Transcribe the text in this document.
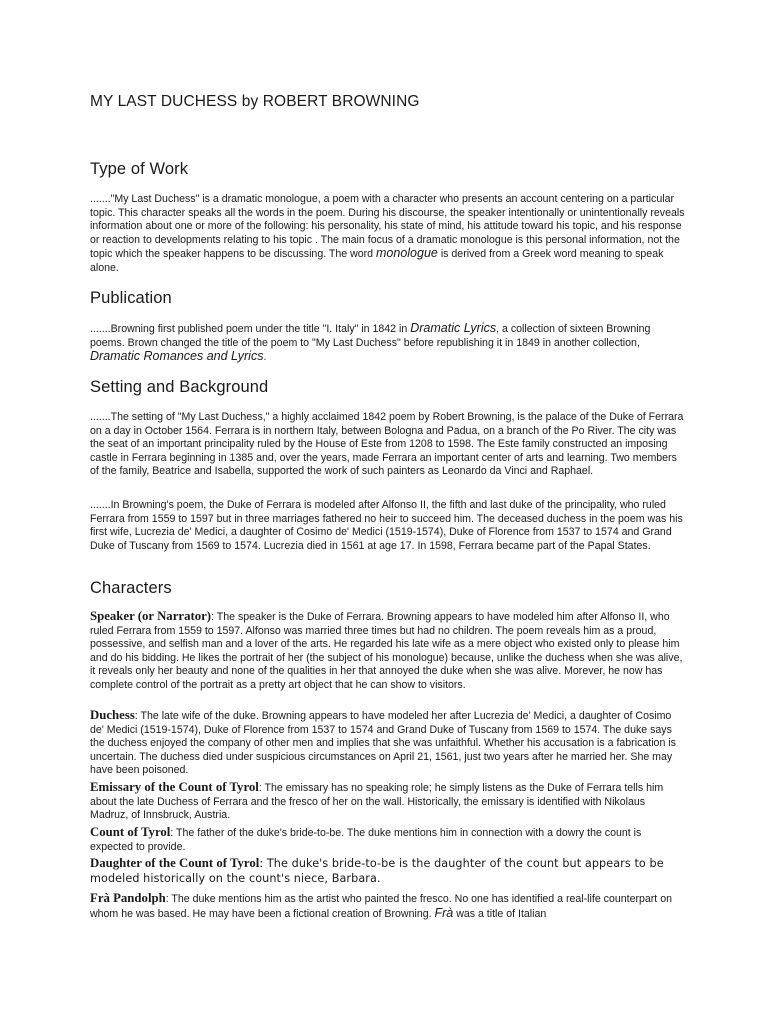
MY LAST DUCHESS by ROBERT BROWNING
Type of Work

......."My Last Duchess" is a dramatic monologue, a poem with a character who presents an account centering on a particular topic. This character speaks all the words in the poem. During his discourse, the speaker intentionally or unintentionally reveals information about one or more of the following: his personality, his state of mind, his attitude toward his topic, and his response or reaction to developments relating to his topic . The main focus of a dramatic monologue is this personal information, not the topic which the speaker happens to be discussing. The word monologue is derived from a Greek word meaning to speak alone.

Publication

.......Browning first published poem under the title "I. Italy" in 1842 in Dramatic Lyrics, a collection of sixteen Browning poems. Brown changed the title of the poem to "My Last Duchess" before republishing it in 1849 in another collection, Dramatic Romances and Lyrics.

Setting and Background

.......The setting of "My Last Duchess," a highly acclaimed 1842 poem by Robert Browning, is the palace of the Duke of Ferrara on a day in October 1564. Ferrara is in northern Italy, between Bologna and Padua, on a branch of the Po River. The city was the seat of an important principality ruled by the House of Este from 1208 to 1598. The Este family constructed an imposing castle in Ferrara beginning in 1385 and, over the years, made Ferrara an important center of arts and learning. Two members of the family, Beatrice and Isabella, supported the work of such painters as Leonardo da Vinci and Raphael.

.......In Browning's poem, the Duke of Ferrara is modeled after Alfonso II, the fifth and last duke of the principality, who ruled Ferrara from 1559 to 1597 but in three marriages fathered no heir to succeed him. The deceased duchess in the poem was his first wife, Lucrezia de' Medici, a daughter of Cosimo de' Medici (1519-1574), Duke of Florence from 1537 to 1574 and Grand Duke of Tuscany from 1569 to 1574. Lucrezia died in 1561 at age 17. In 1598, Ferrara became part of the Papal States.

Characters

Speaker (or Narrator): The speaker is the Duke of Ferrara. Browning appears to have modeled him after Alfonso II, who ruled Ferrara from 1559 to 1597. Alfonso was married three times but had no children. The poem reveals him as a proud, possessive, and selfish man and a lover of the arts. He regarded his late wife as a mere object who existed only to please him and do his bidding. He likes the portrait of her (the subject of his monologue) because, unlike the duchess when she was alive, it reveals only her beauty and none of the qualities in her that annoyed the duke when she was alive. Morever, he now has complete control of the portrait as a pretty art object that he can show to visitors.

Duchess: The late wife of the duke. Browning appears to have modeled her after Lucrezia de' Medici, a daughter of Cosimo de' Medici (1519-1574), Duke of Florence from 1537 to 1574 and Grand Duke of Tuscany from 1569 to 1574. The duke says the duchess enjoyed the company of other men and implies that she was unfaithful. Whether his accusation is a fabrication is uncertain. The duchess died under suspicious circumstances on April 21, 1561, just two years after he married her. She may have been poisoned.

Emissary of the Count of Tyrol: The emissary has no speaking role; he simply listens as the Duke of Ferrara tells him about the late Duchess of Ferrara and the fresco of her on the wall. Historically, the emissary is identified with Nikolaus Madruz, of Innsbruck, Austria.

Count of Tyrol: The father of the duke's bride-to-be. The duke mentions him in connection with a dowry the count is expected to provide.

Daughter of the Count of Tyrol: The duke's bride-to-be is the daughter of the count but appears to be modeled historically on the count's niece, Barbara.

Frà Pandolph: The duke mentions him as the artist who painted the fresco. No one has identified a real-life counterpart on whom he was based. He may have been a fictional creation of Browning. Frà was a title of Italian
